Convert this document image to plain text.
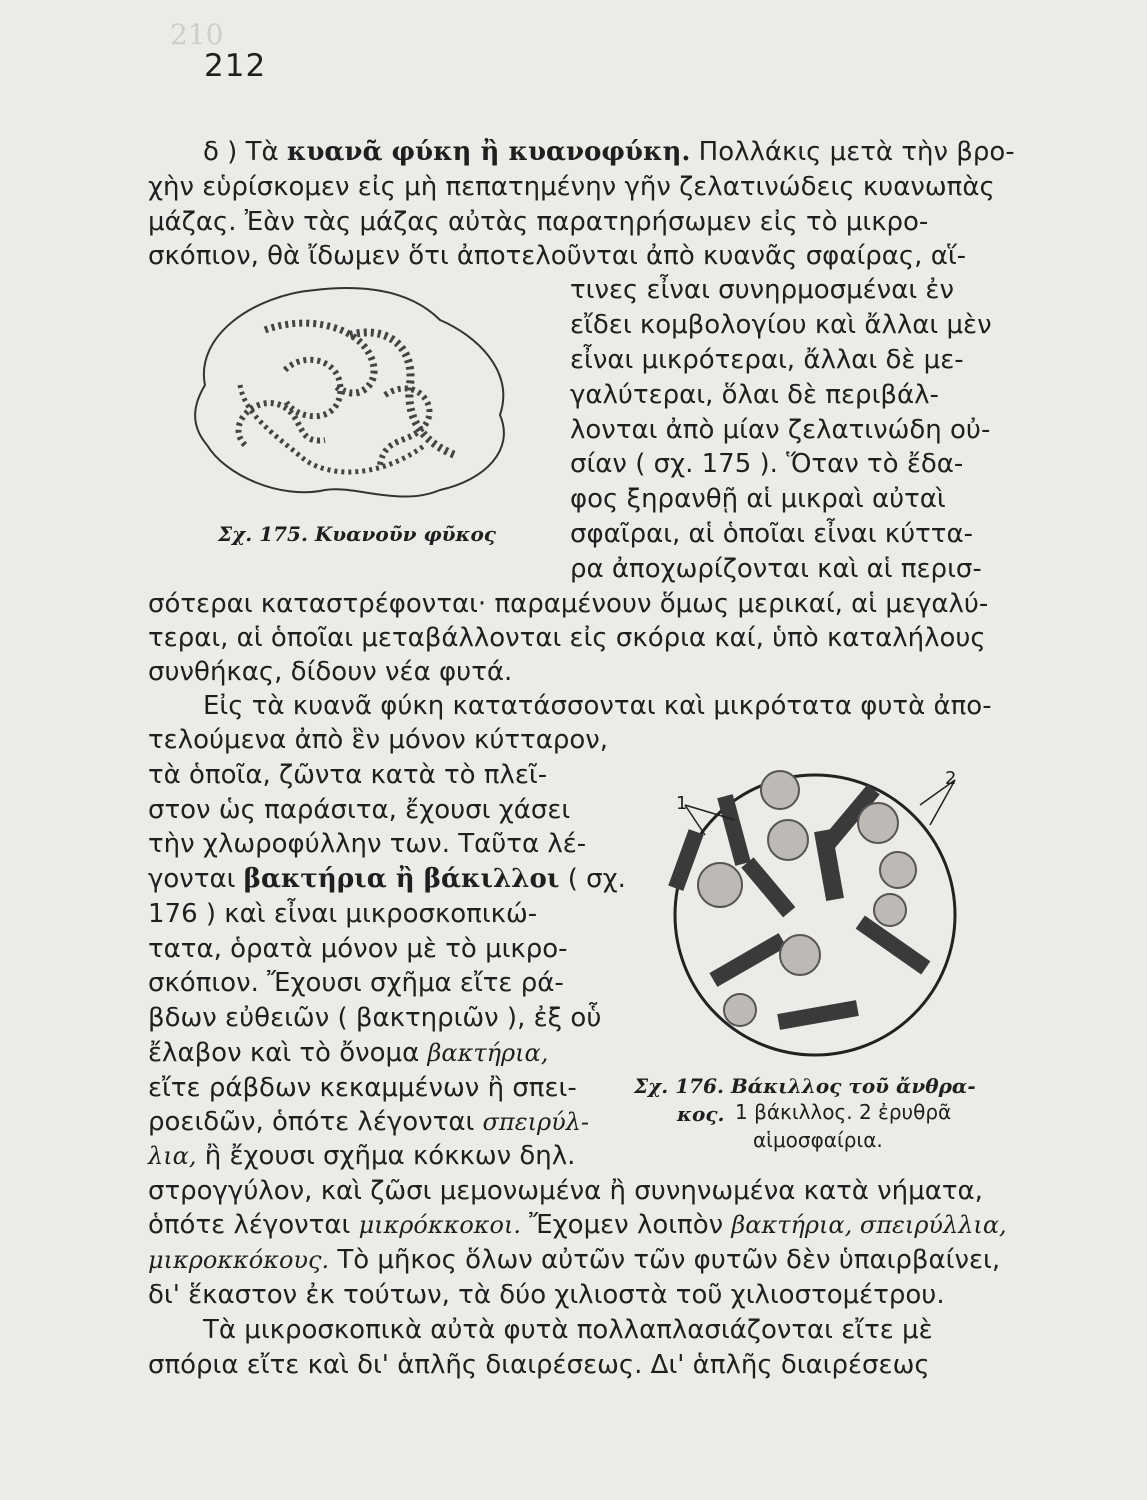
210
212
δ ) Τὰ κυανᾶ φύκη ἢ κυανοφύκη. Πολλάκις μετὰ τὴν βρο-
χὴν εὑρίσκομεν εἰς μὴ πεπατημένην γῆν ζελατινώδεις κυανωπὰς
μάζας. Ἐὰν τὰς μάζας αὐτὰς παρατηρήσωμεν εἰς τὸ μικρο-
σκόπιον, θὰ ἴδωμεν ὅτι ἀποτελοῦνται ἀπὸ κυανᾶς σφαίρας, αἵ-
τινες εἶναι συνηρμοσμέναι ἐν
εἴδει κομβολογίου καὶ ἄλλαι μὲν
εἶναι μικρότεραι, ἄλλαι δὲ με-
γαλύτεραι, ὅλαι δὲ περιβάλ-
λονται ἀπὸ μίαν ζελατινώδη οὐ-
σίαν ( σχ. 175 ). Ὅταν τὸ ἔδα-
φος ξηρανθῇ αἱ μικραὶ αὐταὶ
σφαῖραι, αἱ ὁποῖαι εἶναι κύττα-
ρα ἀποχωρίζονται καὶ αἱ περισ-
σότεραι καταστρέφονται· παραμένουν ὅμως μερικαί, αἱ μεγαλύ-
τεραι, αἱ ὁποῖαι μεταβάλλονται εἰς σκόρια καί, ὑπὸ καταλήλους
συνθήκας, δίδουν νέα φυτά.
Εἰς τὰ κυανᾶ φύκη κατατάσσονται καὶ μικρότατα φυτὰ ἀπο-
τελούμενα ἀπὸ ἓν μόνον κύτταρον,
τὰ ὁποῖα, ζῶντα κατὰ τὸ πλεῖ-
στον ὡς παράσιτα, ἔχουσι χάσει
τὴν χλωροφύλλην των. Ταῦτα λέ-
γονται βακτήρια ἢ βάκιλλοι ( σχ.
176 ) καὶ εἶναι μικροσκοπικώ-
τατα, ὁρατὰ μόνον μὲ τὸ μικρο-
σκόπιον. Ἔχουσι σχῆμα εἴτε ρά-
βδων εὐθειῶν ( βακτηριῶν ), ἐξ οὗ
ἔλαβον καὶ τὸ ὄνομα βακτήρια,
εἴτε ράβδων κεκαμμένων ἢ σπει-
ροειδῶν, ὁπότε λέγονται σπειρύλ-
λια, ἢ ἔχουσι σχῆμα κόκκων δηλ.
στρογγύλον, καὶ ζῶσι μεμονωμένα ἢ συνηνωμένα κατὰ νήματα,
ὁπότε λέγονται μικρόκκοκοι. Ἔχομεν λοιπὸν βακτήρια, σπειρύλλια,
μικροκκόκους. Τὸ μῆκος ὅλων αὐτῶν τῶν φυτῶν δὲν ὑπαιρβαίνει,
δι' ἕκαστον ἐκ τούτων, τὰ δύο χιλιοστὰ τοῦ χιλιοστομέτρου.
Τὰ μικροσκοπικὰ αὐτὰ φυτὰ πολλαπλασιάζονται εἴτε μὲ
σπόρια εἴτε καὶ δι' ἁπλῆς διαιρέσεως. Δι' ἁπλῆς διαιρέσεως
Σχ. 175. Κυανοῦν φῦκος
1
2
Σχ. 176. Βάκιλλος τοῦ ἄνθρα-
κος. 1 βάκιλλος. 2 ἐρυθρᾶ
αἱμοσφαίρια.
